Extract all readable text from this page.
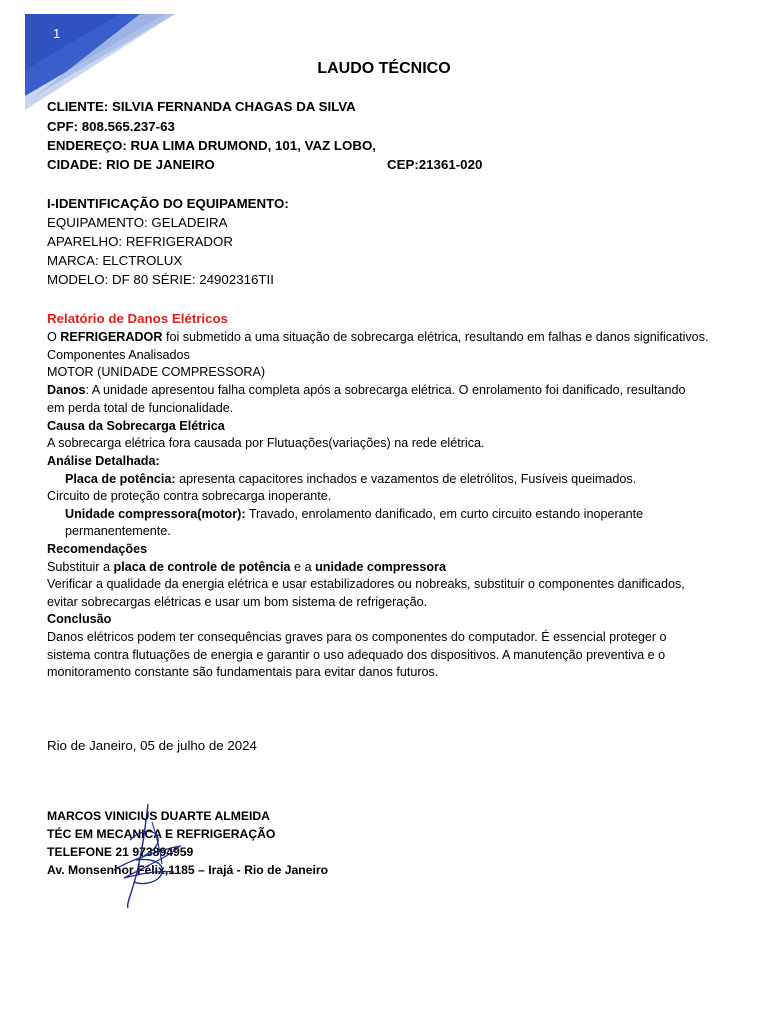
1
LAUDO TÉCNICO
CLIENTE: SILVIA FERNANDA CHAGAS DA SILVA
CPF: 808.565.237-63
ENDEREÇO: RUA LIMA DRUMOND, 101, VAZ LOBO,
CIDADE: RIO DE JANEIRO	CEP:21361-020
I-IDENTIFICAÇÃO DO EQUIPAMENTO:
EQUIPAMENTO: GELADEIRA
APARELHO: REFRIGERADOR
MARCA: ELCTROLUX
MODELO: DF 80 SÉRIE: 24902316TII
Relatório de Danos Elétricos
O REFRIGERADOR foi submetido a uma situação de sobrecarga elétrica, resultando em falhas e danos significativos.
Componentes Analisados
MOTOR (UNIDADE COMPRESSORA)
Danos: A unidade apresentou falha completa após a sobrecarga elétrica. O enrolamento foi danificado, resultando
em perda total de funcionalidade.
Causa da Sobrecarga Elétrica
A sobrecarga elétrica fora causada por Flutuações(variações) na rede elétrica.
Análise Detalhada:
Placa de potência: apresenta capacitores inchados e vazamentos de eletrólitos, Fusíveis queimados.
Circuito de proteção contra sobrecarga inoperante.
Unidade compressora(motor): Travado, enrolamento danificado, em curto circuito estando inoperante
permanentemente.
Recomendações
Substituir a placa de controle de potência e a unidade compressora
Verificar a qualidade da energia elétrica e usar estabilizadores ou nobreaks, substituir o componentes danificados,
evitar sobrecargas elétricas e usar um bom sistema de refrigeração.
Conclusão
Danos elétricos podem ter consequências graves para os componentes do computador. É essencial proteger o
sistema contra flutuações de energia e garantir o uso adequado dos dispositivos. A manutenção preventiva e o
monitoramento constante são fundamentais para evitar danos futuros.
Rio de Janeiro, 05 de julho de 2024
MARCOS VINICIUS DUARTE ALMEIDA
TÉC EM MECANICA E REFRIGERAÇÃO
TELEFONE 21 973894959
Av. Monsenhor Félix,1185 – Irajá - Rio de Janeiro
